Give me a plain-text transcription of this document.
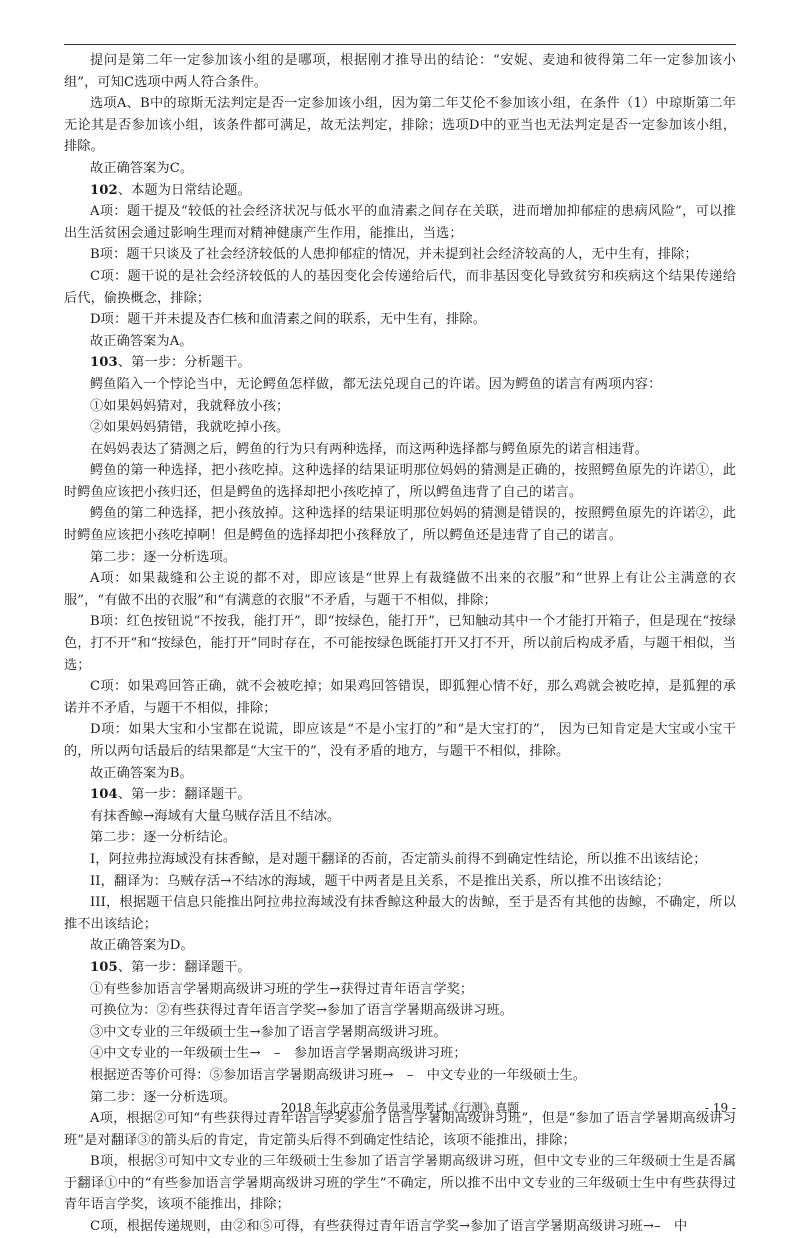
提问是第二年一定参加该小组的是哪项，根据刚才推导出的结论：“安妮、麦迪和彼得第二年一定参加该小组”，可知C选项中两人符合条件。

选项A、B中的琼斯无法判定是否一定参加该小组，因为第二年艾伦不参加该小组，在条件（1）中琼斯第二年无论其是否参加该小组，该条件都可满足，故无法判定，排除；选项D中的亚当也无法判定是否一定参加该小组，排除。

故正确答案为C。

102、本题为日常结论题。

A项：题干提及“较低的社会经济状况与低水平的血清素之间存在关联，进而增加抑郁症的患病风险”，可以推出生活贫困会通过影响生理而对精神健康产生作用，能推出，当选；

B项：题干只谈及了社会经济较低的人患抑郁症的情况，并未提到社会经济较高的人，无中生有，排除；

C项：题干说的是社会经济较低的人的基因变化会传递给后代，而非基因变化导致贫穷和疾病这个结果传递给后代，偷换概念，排除；

D项：题干并未提及杏仁核和血清素之间的联系，无中生有，排除。

故正确答案为A。

103、第一步：分析题干。

鳄鱼陷入一个悖论当中，无论鳄鱼怎样做，都无法兑现自己的许诺。因为鳄鱼的诺言有两项内容：

①如果妈妈猜对，我就释放小孩；

②如果妈妈猜错，我就吃掉小孩。

在妈妈表达了猜测之后，鳄鱼的行为只有两种选择，而这两种选择都与鳄鱼原先的诺言相违背。

鳄鱼的第一种选择，把小孩吃掉。这种选择的结果证明那位妈妈的猜测是正确的，按照鳄鱼原先的许诺①，此时鳄鱼应该把小孩归还，但是鳄鱼的选择却把小孩吃掉了，所以鳄鱼违背了自己的诺言。

鳄鱼的第二种选择，把小孩放掉。这种选择的结果证明那位妈妈的猜测是错误的，按照鳄鱼原先的许诺②，此时鳄鱼应该把小孩吃掉啊！但是鳄鱼的选择却把小孩释放了，所以鳄鱼还是违背了自己的诺言。

第二步：逐一分析选项。

A项：如果裁缝和公主说的都不对，即应该是“世界上有裁缝做不出来的衣服”和“世界上有让公主满意的衣服”，“有做不出的衣服”和“有满意的衣服”不矛盾，与题干不相似，排除；

B项：红色按钮说“不按我，能打开”，即“按绿色，能打开”，已知触动其中一个才能打开箱子，但是现在“按绿色，打不开”和“按绿色，能打开”同时存在，不可能按绿色既能打开又打不开，所以前后构成矛盾，与题干相似，当选；

C项：如果鸡回答正确，就不会被吃掉；如果鸡回答错误，即狐狸心情不好，那么鸡就会被吃掉，是狐狸的承诺并不矛盾，与题干不相似，排除；

D项：如果大宝和小宝都在说谎，即应该是“不是小宝打的”和“是大宝打的”， 因为已知肯定是大宝或小宝干的，所以两句话最后的结果都是“大宝干的”，没有矛盾的地方，与题干不相似，排除。

故正确答案为B。

104、第一步：翻译题干。

有抹香鲸→海域有大量乌贼存活且不结冰。

第二步：逐一分析结论。

I，阿拉弗拉海域没有抹香鲸，是对题干翻译的否前，否定箭头前得不到确定性结论，所以推不出该结论；

II，翻译为：乌贼存活→不结冰的海域，题干中两者是且关系，不是推出关系，所以推不出该结论；

III，根据题干信息只能推出阿拉弗拉海域没有抹香鲸这种最大的齿鲸，至于是否有其他的齿鲸，不确定，所以推不出该结论；

故正确答案为D。

105、第一步：翻译题干。

①有些参加语言学暑期高级讲习班的学生→获得过青年语言学奖；

可换位为：②有些获得过青年语言学奖→参加了语言学暑期高级讲习班。

③中文专业的三年级硕士生→参加了语言学暑期高级讲习班。

④中文专业的一年级硕士生→　–　参加语言学暑期高级讲习班；

根据逆否等价可得：⑤参加语言学暑期高级讲习班→　–　中文专业的一年级硕士生。

第二步：逐一分析选项。

A项，根据②可知“有些获得过青年语言学奖参加了语言学暑期高级讲习班”，但是“参加了语言学暑期高级讲习班”是对翻译③的箭头后的肯定，肯定箭头后得不到确定性结论，该项不能推出，排除；

B项，根据③可知中文专业的三年级硕士生参加了语言学暑期高级讲习班，但中文专业的三年级硕士生是否属于翻译①中的“有些参加语言学暑期高级讲习班的学生”不确定，所以推不出中文专业的三年级硕士生中有些获得过青年语言学奖，该项不能推出，排除；

C项，根据传递规则，由②和⑤可得，有些获得过青年语言学奖→参加了语言学暑期高级讲习班→–　中

2018 年北京市公务员录用考试《行测》真题	- 19 -
